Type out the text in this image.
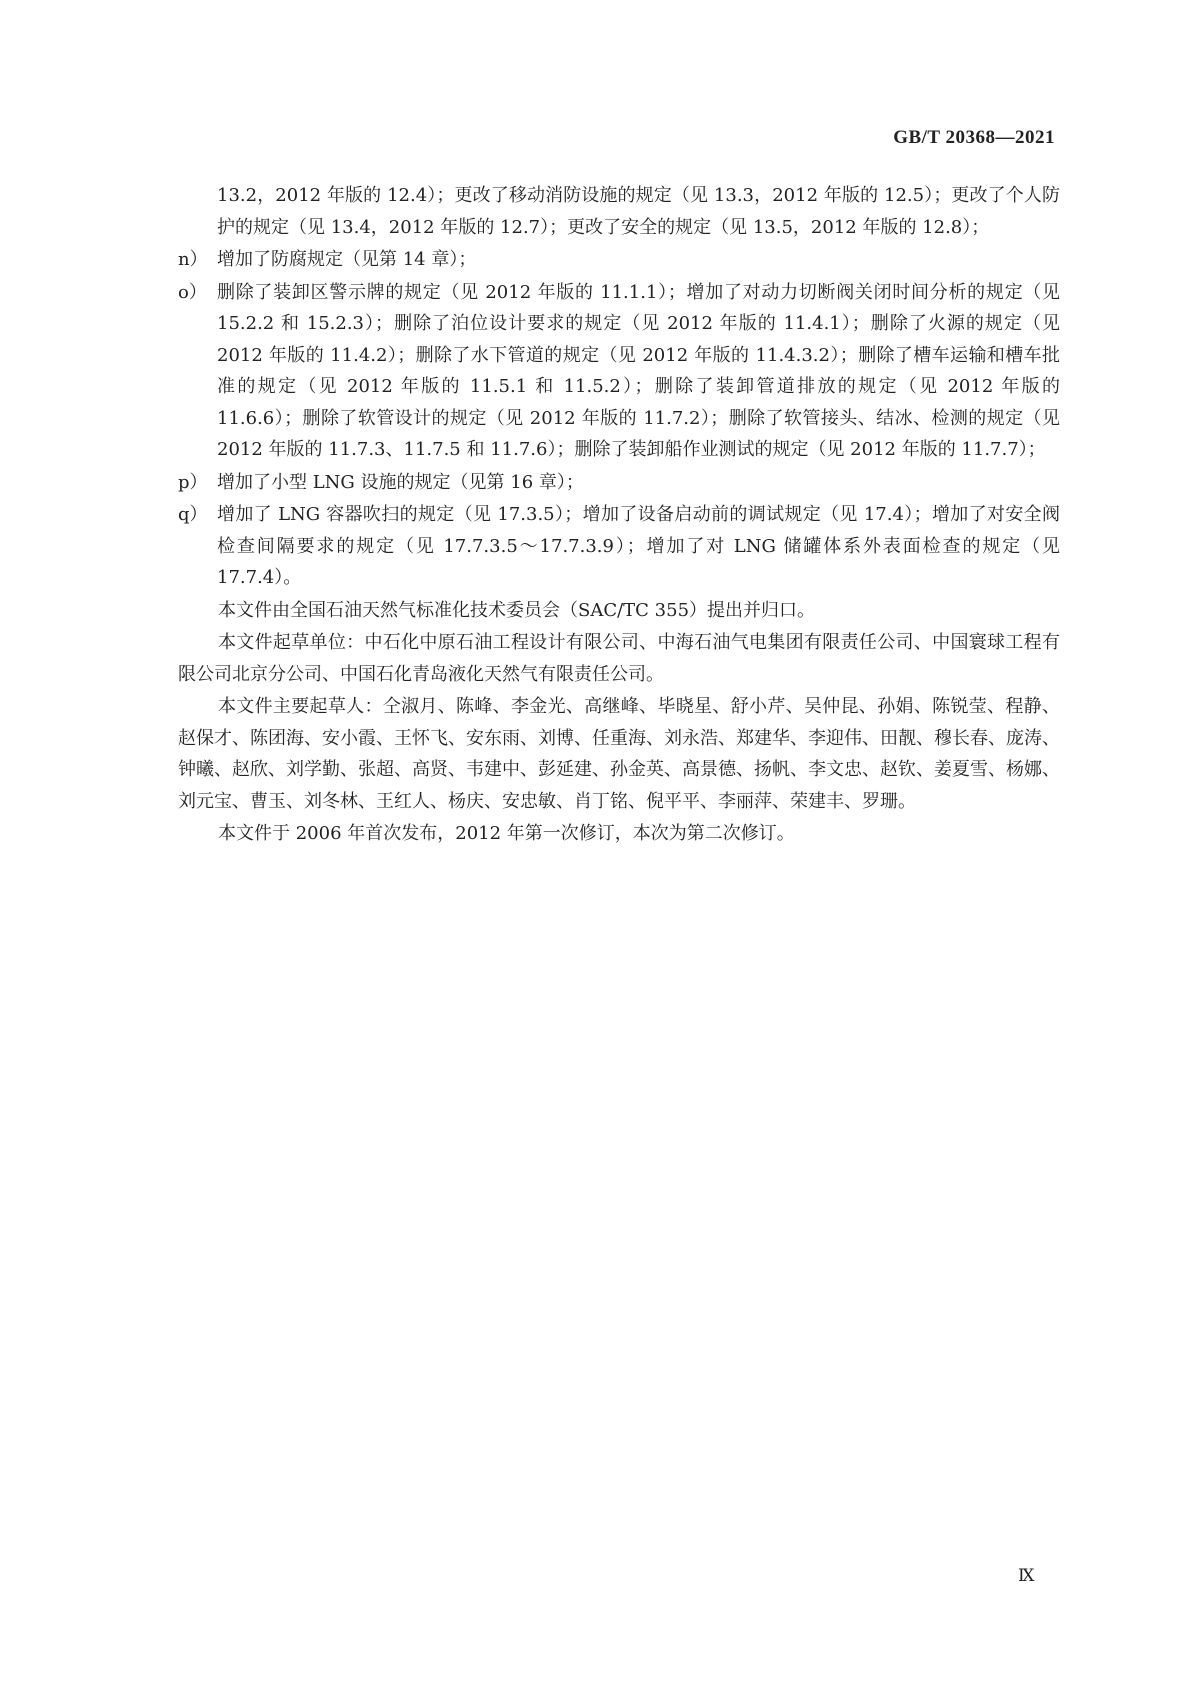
GB/T 20368—2021
13.2，2012 年版的 12.4）；更改了移动消防设施的规定（见 13.3，2012 年版的 12.5）；更改了个人防护的规定（见 13.4，2012 年版的 12.7）；更改了安全的规定（见 13.5，2012 年版的 12.8）；
n） 增加了防腐规定（见第 14 章）；
o） 删除了装卸区警示牌的规定（见 2012 年版的 11.1.1）；增加了对动力切断阀关闭时间分析的规定（见 15.2.2 和 15.2.3）；删除了泊位设计要求的规定（见 2012 年版的 11.4.1）；删除了火源的规定（见 2012 年版的 11.4.2）；删除了水下管道的规定（见 2012 年版的 11.4.3.2）；删除了槽车运输和槽车批准的规定（见 2012 年版的 11.5.1 和 11.5.2）；删除了装卸管道排放的规定（见 2012 年版的 11.6.6）；删除了软管设计的规定（见 2012 年版的 11.7.2）；删除了软管接头、结冰、检测的规定（见 2012 年版的 11.7.3、11.7.5 和 11.7.6）；删除了装卸船作业测试的规定（见 2012 年版的 11.7.7）；
p） 增加了小型 LNG 设施的规定（见第 16 章）；
q） 增加了 LNG 容器吹扫的规定（见 17.3.5）；增加了设备启动前的调试规定（见 17.4）；增加了对安全阀检查间隔要求的规定（见 17.7.3.5～17.7.3.9）；增加了对 LNG 储罐体系外表面检查的规定（见 17.7.4）。
本文件由全国石油天然气标准化技术委员会（SAC/TC 355）提出并归口。
本文件起草单位：中石化中原石油工程设计有限公司、中海石油气电集团有限责任公司、中国寰球工程有限公司北京分公司、中国石化青岛液化天然气有限责任公司。
本文件主要起草人：仝淑月、陈峰、李金光、高继峰、毕晓星、舒小芹、吴仲昆、孙娟、陈锐莹、程静、赵保才、陈团海、安小霞、王怀飞、安东雨、刘博、任重海、刘永浩、郑建华、李迎伟、田靓、穆长春、庞涛、钟曦、赵欣、刘学勤、张超、高贤、韦建中、彭延建、孙金英、高景德、扬帆、李文忠、赵钦、姜夏雪、杨娜、刘元宝、曹玉、刘冬林、王红人、杨庆、安忠敏、肖丁铭、倪平平、李丽萍、荣建丰、罗珊。
本文件于 2006 年首次发布，2012 年第一次修订，本次为第二次修订。
Ⅸ
